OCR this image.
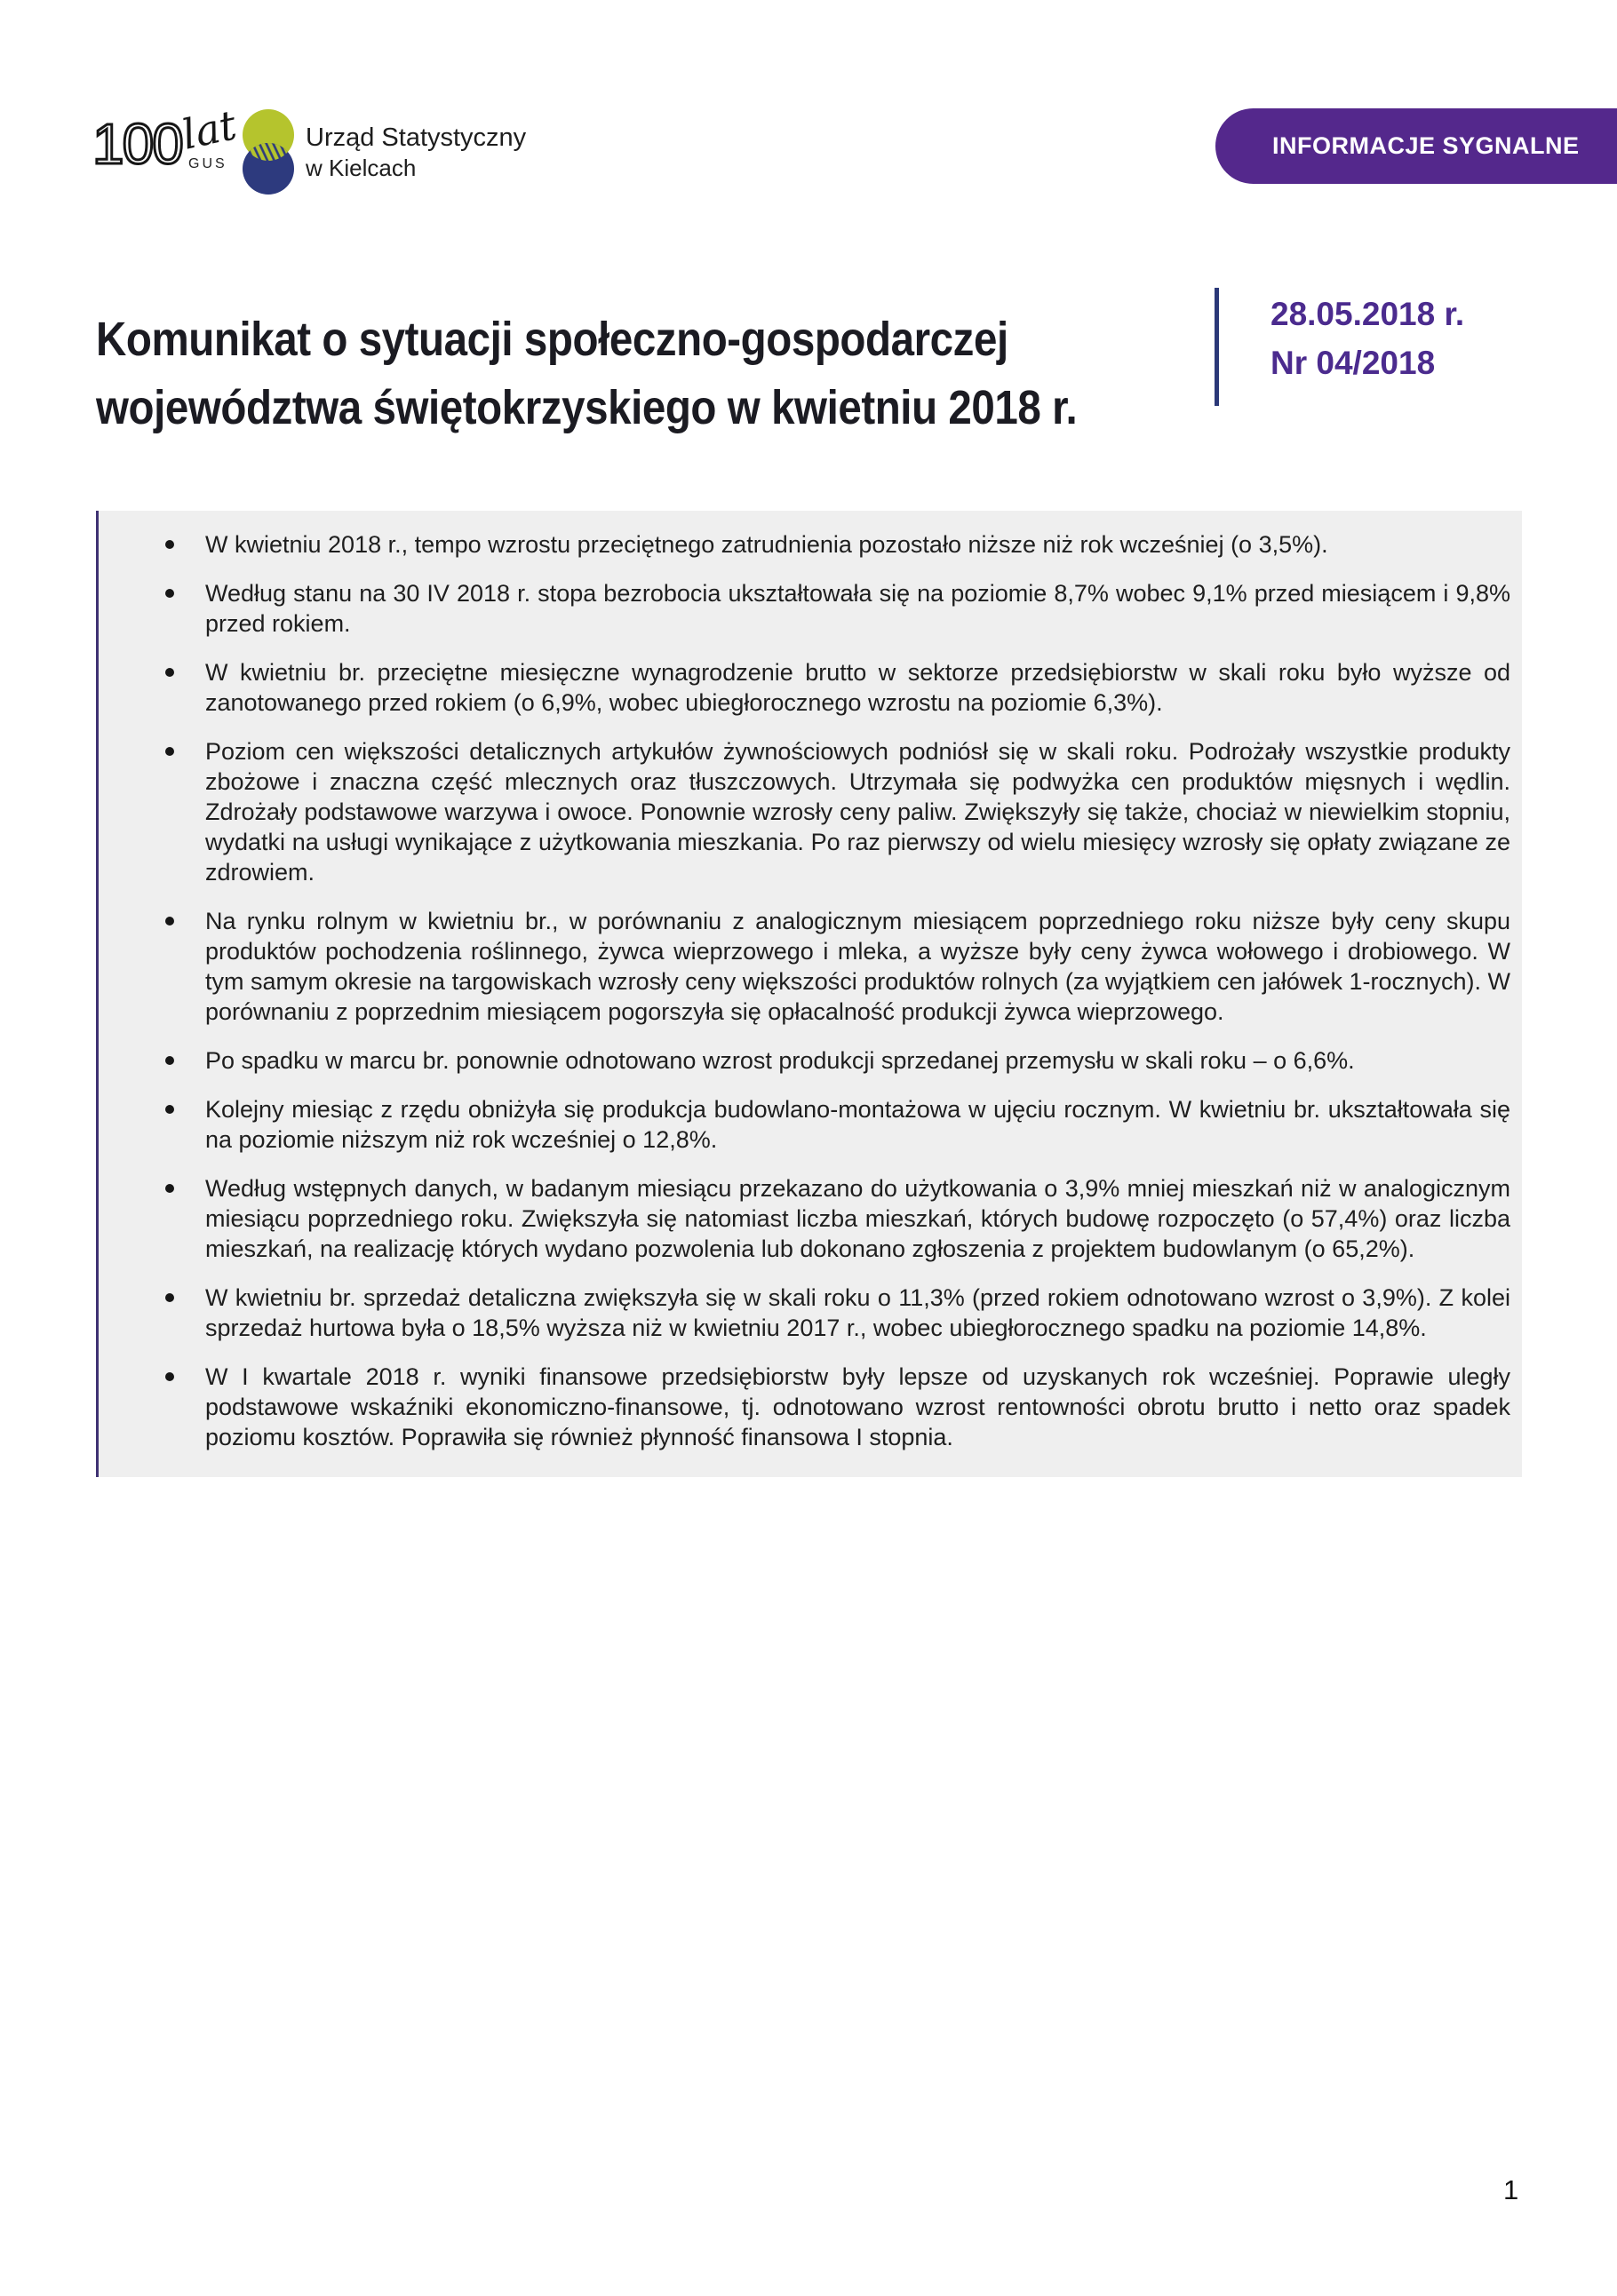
100
lat
GUS
Urząd Statystyczny
w Kielcach
INFORMACJE SYGNALNE
Komunikat o sytuacji społeczno-gospodarczej
województwa świętokrzyskiego w kwietniu 2018 r.
28.05.2018 r.
Nr 04/2018
W kwietniu 2018 r., tempo wzrostu przeciętnego zatrudnienia pozostało niższe niż rok wcześniej (o 3,5%).
Według stanu na 30 IV 2018 r. stopa bezrobocia ukształtowała się na poziomie 8,7% wobec 9,1% przed miesiącem i 9,8% przed rokiem.
W kwietniu br. przeciętne miesięczne wynagrodzenie brutto w sektorze przedsiębiorstw w skali roku było wyższe od zanotowanego przed rokiem (o 6,9%, wobec ubiegłorocznego wzrostu na poziomie 6,3%).
Poziom cen większości detalicznych artykułów żywnościowych podniósł się w skali roku. Podrożały wszystkie produkty zbożowe i znaczna część mlecznych oraz tłuszczowych. Utrzymała się podwyżka cen produktów mięsnych i wędlin. Zdrożały podstawowe warzywa i owoce. Ponownie wzrosły ceny paliw. Zwiększyły się także, chociaż w niewielkim stopniu, wydatki na usługi wynikające z użytkowania mieszkania. Po raz pierwszy od wielu miesięcy wzrosły się opłaty związane ze zdrowiem.
Na rynku rolnym w kwietniu br., w porównaniu z analogicznym miesiącem poprzedniego roku niższe były ceny skupu produktów pochodzenia roślinnego, żywca wieprzowego i mleka, a wyższe były ceny żywca wołowego i drobiowego. W tym samym okresie na targowiskach wzrosły ceny większości produktów rolnych (za wyjątkiem cen jałówek 1-rocznych). W porównaniu z poprzednim miesiącem pogorszyła się opłacalność produkcji żywca wieprzowego.
Po spadku w marcu br. ponownie odnotowano wzrost produkcji sprzedanej przemysłu w skali roku – o 6,6%.
Kolejny miesiąc z rzędu obniżyła się produkcja budowlano-montażowa w ujęciu rocznym. W kwietniu br. ukształtowała się na poziomie niższym niż rok wcześniej o 12,8%.
Według wstępnych danych, w badanym miesiącu przekazano do użytkowania o 3,9% mniej mieszkań niż w analogicznym miesiącu poprzedniego roku. Zwiększyła się natomiast liczba mieszkań, których budowę rozpoczęto (o 57,4%) oraz liczba mieszkań, na realizację których wydano pozwolenia lub dokonano zgłoszenia z projektem budowlanym (o 65,2%).
W kwietniu br. sprzedaż detaliczna zwiększyła się w skali roku o 11,3% (przed rokiem odnotowano wzrost o 3,9%). Z kolei sprzedaż hurtowa była o 18,5% wyższa niż w kwietniu 2017 r., wobec ubiegłorocznego spadku na poziomie 14,8%.
W I kwartale 2018 r. wyniki finansowe przedsiębiorstw były lepsze od uzyskanych rok wcześniej. Poprawie uległy podstawowe wskaźniki ekonomiczno-finansowe, tj. odnotowano wzrost rentowności obrotu brutto i netto oraz spadek poziomu kosztów. Poprawiła się również płynność finansowa I stopnia.
1
